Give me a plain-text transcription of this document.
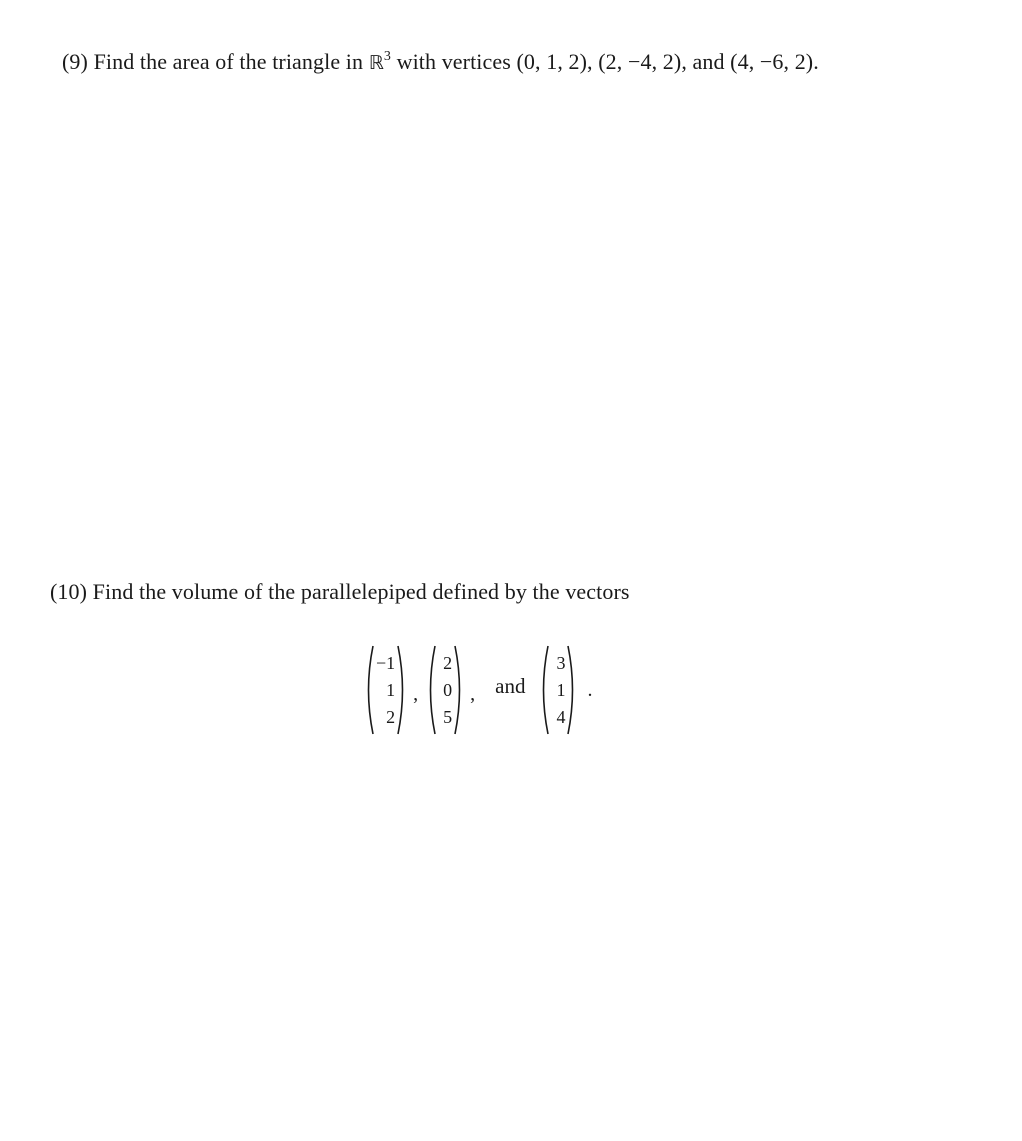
(9) Find the area of the triangle in ℝ$^3$ with vertices (0, 1, 2), (2, −4, 2), and (4, −6, 2).
(10) Find the volume of the parallelepiped defined by the vectors
−1
1
2
,
2
0
5
, and
3
1
4
.
